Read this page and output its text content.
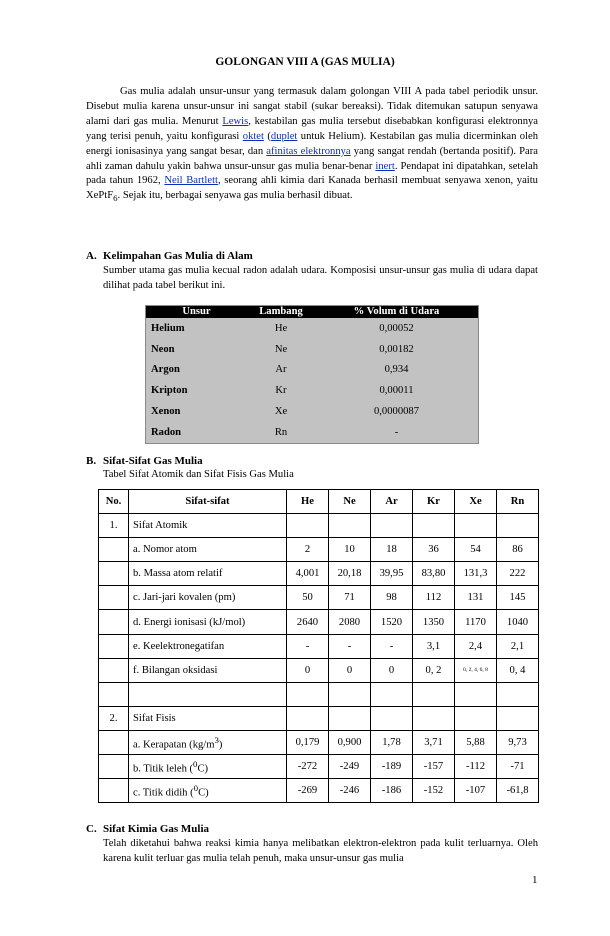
GOLONGAN VIII A (GAS MULIA)
Gas mulia adalah unsur-unsur yang termasuk dalam golongan VIII A pada tabel periodik unsur. Disebut mulia karena unsur-unsur ini sangat stabil (sukar bereaksi). Tidak ditemukan satupun senyawa alami dari gas mulia. Menurut Lewis, kestabilan gas mulia tersebut disebabkan konfigurasi elektronnya yang terisi penuh, yaitu konfigurasi oktet (duplet untuk Helium). Kestabilan gas mulia dicerminkan oleh energi ionisasinya yang sangat besar, dan afinitas elektronnya yang sangat rendah (bertanda positif). Para ahli zaman dahulu yakin bahwa unsur-unsur gas mulia benar-benar inert. Pendapat ini dipatahkan, setelah pada tahun 1962, Neil Bartlett, seorang ahli kimia dari Kanada berhasil membuat senyawa xenon, yaitu XePtF$_6$. Sejak itu, berbagai senyawa gas mulia berhasil dibuat.
A. Kelimpahan Gas Mulia di Alam
Sumber utama gas mulia kecual radon adalah udara. Komposisi unsur-unsur gas mulia di udara dapat dilihat pada tabel berikut ini.
Unsur	Lambang	% Volum di Udara
Helium	He	0,00052
Neon	Ne	0,00182
Argon	Ar	0,934
Kripton	Kr	0,00011
Xenon	Xe	0,0000087
Radon	Rn	-
B. Sifat-Sifat Gas Mulia
Tabel Sifat Atomik dan Sifat Fisis Gas Mulia
No.	Sifat-sifat	He	Ne	Ar	Kr	Xe	Rn
1.	Sifat Atomik						
	a. Nomor atom	2	10	18	36	54	86
	b. Massa atom relatif	4,001	20,18	39,95	83,80	131,3	222
	c. Jari-jari kovalen (pm)	50	71	98	112	131	145
	d. Energi ionisasi (kJ/mol)	2640	2080	1520	1350	1170	1040
	e. Keelektronegatifan	-	-	-	3,1	2,4	2,1
	f. Bilangan oksidasi	0	0	0	0, 2	0, 2, 4, 6, 8	0, 4

2.	Sifat Fisis						
	a. Kerapatan $(kg/m^3)$	0,179	0,900	1,78	3,71	5,88	9,73
	b. Titik leleh ($^0$C)	-272	-249	-189	-157	-112	-71
	c. Titik didih ($^0$C)	-269	-246	-186	-152	-107	-61,8
C. Sifat Kimia Gas Mulia
Telah diketahui bahwa reaksi kimia hanya melibatkan elektron-elektron pada kulit terluarnya. Oleh karena kulit terluar gas mulia telah penuh, maka unsur-unsur gas mulia
1
